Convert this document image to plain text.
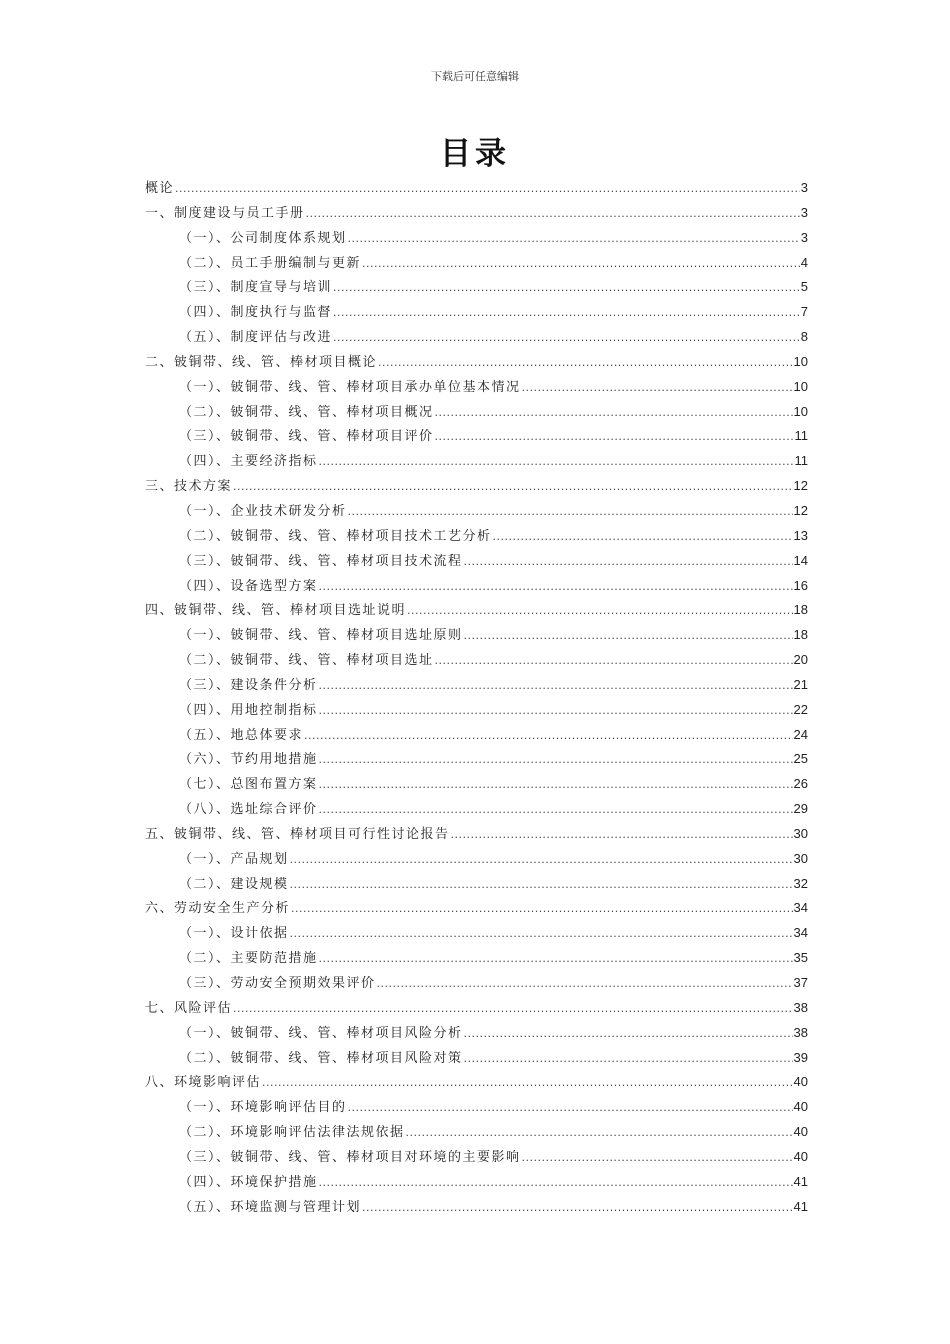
下载后可任意编辑
目录
概论 .....	3
一、制度建设与员工手册 .....	3
（一）、公司制度体系规划 .....	3
（二）、员工手册编制与更新 .....	4
（三）、制度宣导与培训 .....	5
（四）、制度执行与监督 .....	7
（五）、制度评估与改进 .....	8
二、铍铜带、线、管、棒材项目概论 .....	10
（一）、铍铜带、线、管、棒材项目承办单位基本情况 .....	10
（二）、铍铜带、线、管、棒材项目概况 .....	10
（三）、铍铜带、线、管、棒材项目评价 .....	11
（四）、主要经济指标 .....	11
三、技术方案 .....	12
（一）、企业技术研发分析 .....	12
（二）、铍铜带、线、管、棒材项目技术工艺分析 .....	13
（三）、铍铜带、线、管、棒材项目技术流程 .....	14
（四）、设备选型方案 .....	16
四、铍铜带、线、管、棒材项目选址说明 .....	18
（一）、铍铜带、线、管、棒材项目选址原则 .....	18
（二）、铍铜带、线、管、棒材项目选址 .....	20
（三）、建设条件分析 .....	21
（四）、用地控制指标 .....	22
（五）、地总体要求 .....	24
（六）、节约用地措施 .....	25
（七）、总图布置方案 .....	26
（八）、选址综合评价 .....	29
五、铍铜带、线、管、棒材项目可行性讨论报告 .....	30
（一）、产品规划 .....	30
（二）、建设规模 .....	32
六、劳动安全生产分析 .....	34
（一）、设计依据 .....	34
（二）、主要防范措施 .....	35
（三）、劳动安全预期效果评价 .....	37
七、风险评估 .....	38
（一）、铍铜带、线、管、棒材项目风险分析 .....	38
（二）、铍铜带、线、管、棒材项目风险对策 .....	39
八、环境影响评估 .....	40
（一）、环境影响评估目的 .....	40
（二）、环境影响评估法律法规依据 .....	40
（三）、铍铜带、线、管、棒材项目对环境的主要影响 .....	40
（四）、环境保护措施 .....	41
（五）、环境监测与管理计划 .....	41
